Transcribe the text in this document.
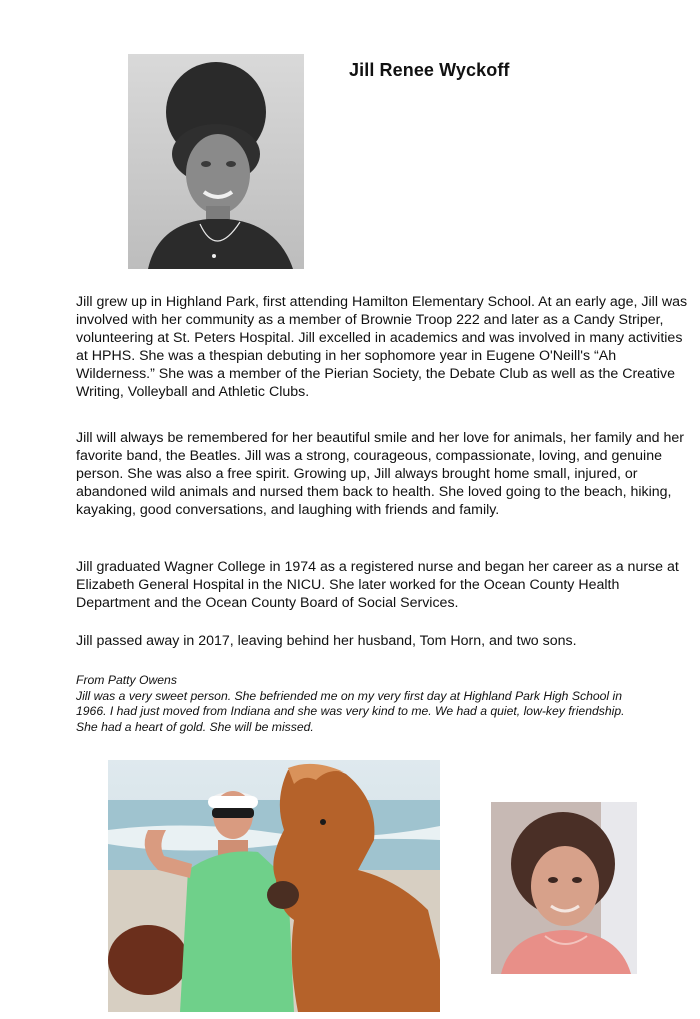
Jill Renee Wyckoff

Jill grew up in Highland Park, first attending Hamilton Elementary School. At an early age, Jill was involved with her community as a member of Brownie Troop 222 and later as a Candy Striper, volunteering at St. Peters Hospital. Jill excelled in academics and was involved in many activities at HPHS. She was a thespian debuting in her sophomore year in Eugene O'Neill's “Ah Wilderness.” She was a member of the Pierian Society, the Debate Club as well as the Creative Writing, Volleyball and Athletic Clubs.

Jill will always be remembered for her beautiful smile and her love for animals, her family and her favorite band, the Beatles. Jill was a strong, courageous, compassionate, loving, and genuine person. She was also a free spirit. Growing up, Jill always brought home small, injured, or abandoned wild animals and nursed them back to health. She loved going to the beach, hiking, kayaking, good conversations, and laughing with friends and family.

Jill graduated Wagner College in 1974 as a registered nurse and began her career as a nurse at Elizabeth General Hospital in the NICU. She later worked for the Ocean County Health Department and the Ocean County Board of Social Services.

Jill passed away in 2017, leaving behind her husband, Tom Horn, and two sons.

From Patty Owens
Jill was a very sweet person. She befriended me on my very first day at Highland Park High School in 1966. I had just moved from Indiana and she was very kind to me. We had a quiet, low-key friendship. She had a heart of gold. She will be missed.
